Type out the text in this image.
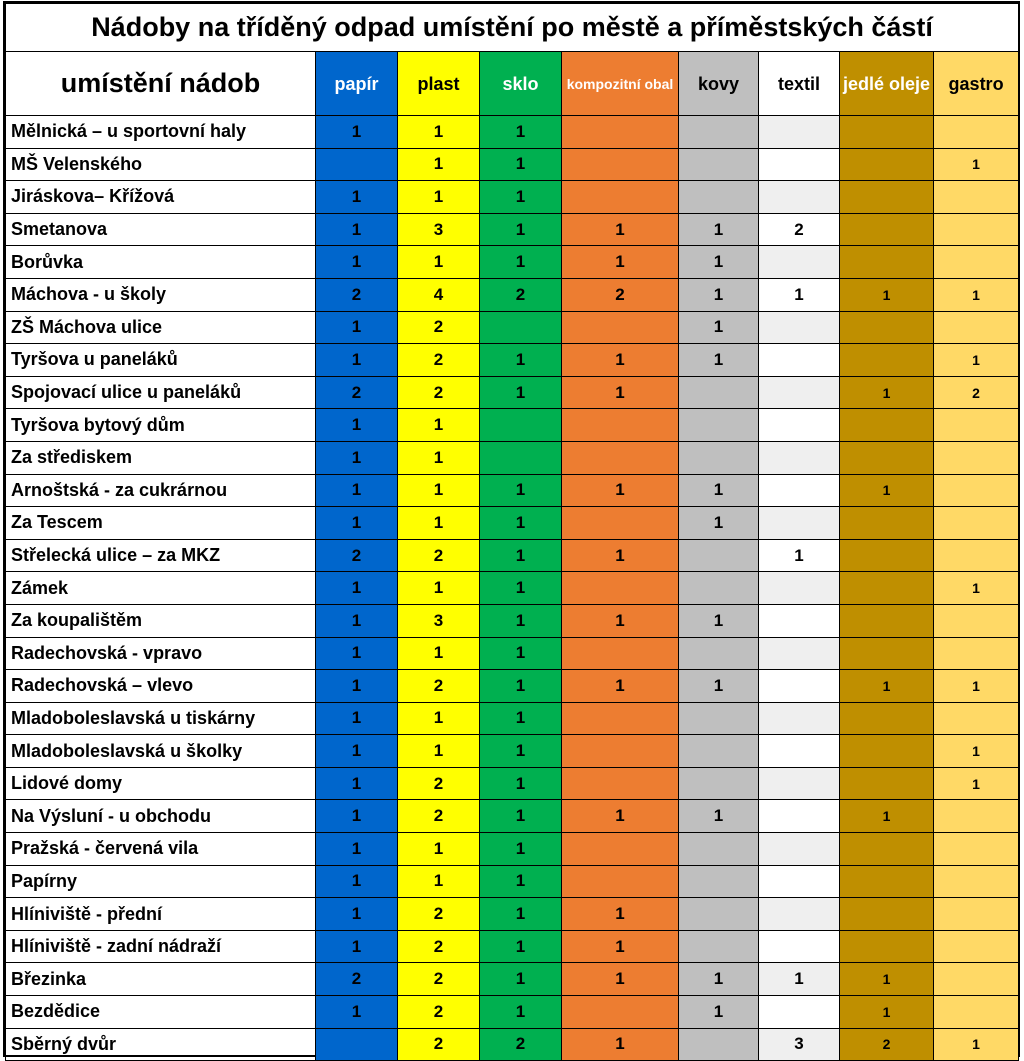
Nádoby na tříděný odpad umístění po městě a příměstských částí								
umístění nádob	papír	plast	sklo	kompozitní obal	kovy	textil	jedlé oleje	gastro
Mělnická – u sportovní haly	1	1	1					
MŠ Velenského		1	1					1
Jiráskova– Křížová	1	1	1					
Smetanova	1	3	1	1	1	2		
Borůvka	1	1	1	1	1			
Máchova - u školy	2	4	2	2	1	1	1	1
ZŠ Máchova ulice	1	2			1			
Tyršova u paneláků	1	2	1	1	1			1
Spojovací ulice u paneláků	2	2	1	1			1	2
Tyršova bytový dům	1	1						
Za střediskem	1	1						
Arnoštská - za cukrárnou	1	1	1	1	1		1	
Za Tescem	1	1	1		1			
Střelecká ulice – za MKZ	2	2	1	1		1		
Zámek	1	1	1					1
Za koupalištěm	1	3	1	1	1			
Radechovská - vpravo	1	1	1					
Radechovská – vlevo	1	2	1	1	1		1	1
Mladoboleslavská u tiskárny	1	1	1					
Mladoboleslavská u školky	1	1	1					1
Lidové domy	1	2	1					1
Na Výsluní - u obchodu	1	2	1	1	1		1	
Pražská - červená vila	1	1	1					
Papírny	1	1	1					
Hlíniviště - přední	1	2	1	1				
Hlíniviště - zadní nádraží	1	2	1	1				
Březinka	2	2	1	1	1	1	1	
Bezdědice	1	2	1		1		1	
Sběrný dvůr		2	2	1		3	2	1
